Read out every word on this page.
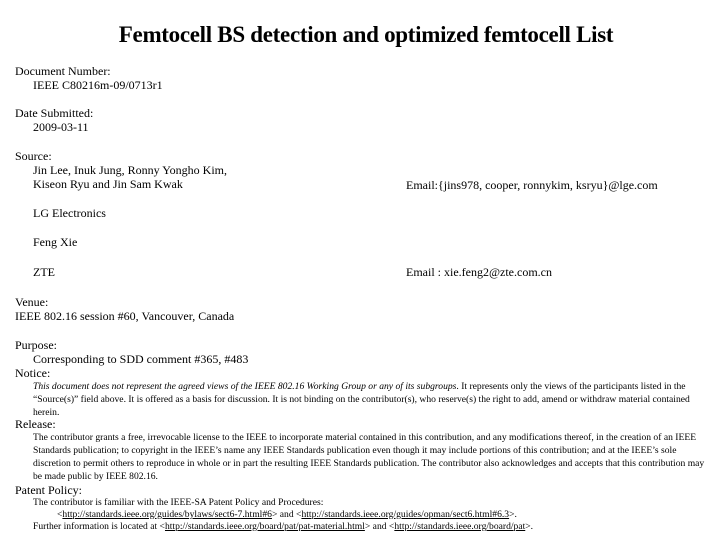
Femtocell BS detection and optimized femtocell List
Document Number:
IEEE C80216m-09/0713r1
Date Submitted:
2009-03-11
Source:
Jin Lee, Inuk Jung, Ronny Yongho Kim,
Kiseon Ryu and Jin Sam Kwak	Email:{jins978, cooper, ronnykim, ksryu}@lge.com
LG Electronics
Feng Xie
ZTE	Email : xie.feng2@zte.com.cn
Venue:
IEEE 802.16 session #60, Vancouver, Canada
Purpose:
Corresponding to SDD comment #365, #483
Notice:
This document does not represent the agreed views of the IEEE 802.16 Working Group or any of its subgroups. It represents only the views of the participants listed in the “Source(s)” field above. It is offered as a basis for discussion. It is not binding on the contributor(s), who reserve(s) the right to add, amend or withdraw material contained herein.
Release:
The contributor grants a free, irrevocable license to the IEEE to incorporate material contained in this contribution, and any modifications thereof, in the creation of an IEEE Standards publication; to copyright in the IEEE’s name any IEEE Standards publication even though it may include portions of this contribution; and at the IEEE’s sole discretion to permit others to reproduce in whole or in part the resulting IEEE Standards publication. The contributor also acknowledges and accepts that this contribution may be made public by IEEE 802.16.
Patent Policy:
The contributor is familiar with the IEEE-SA Patent Policy and Procedures:
<http://standards.ieee.org/guides/bylaws/sect6-7.html#6> and <http://standards.ieee.org/guides/opman/sect6.html#6.3>.
Further information is located at <http://standards.ieee.org/board/pat/pat-material.html> and <http://standards.ieee.org/board/pat>.
